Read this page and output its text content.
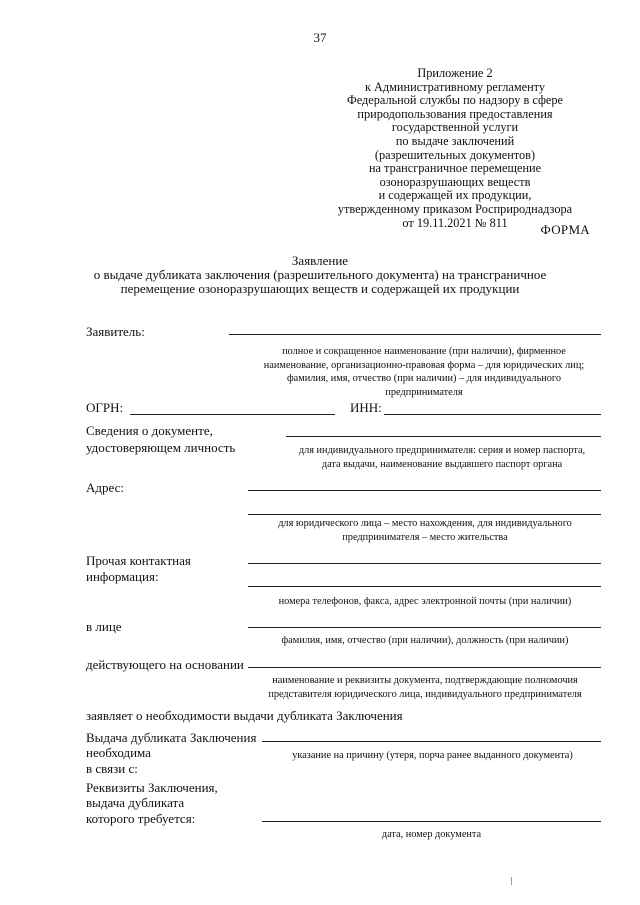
37
Приложение 2
к Административному регламенту
Федеральной службы по надзору в сфере
природопользования предоставления
государственной услуги
по выдаче заключений
(разрешительных документов)
на трансграничное перемещение
озоноразрушающих веществ
и содержащей их продукции,
утвержденному приказом Росприроднадзора
от 19.11.2021 № 811	ФОРМА
Заявление
о выдаче дубликата заключения (разрешительного документа) на трансграничное
перемещение озоноразрушающих веществ и содержащей их продукции
Заявитель:
полное и сокращенное наименование (при наличии), фирменное наименование, организационно-правовая форма – для юридических лиц; фамилия, имя, отчество (при наличии) – для индивидуального предпринимателя
ОГРН:	ИНН:
Сведения о документе,
удостоверяющем личность	для индивидуального предпринимателя: серия и номер паспорта, дата выдачи, наименование выдавшего паспорт органа
Адрес:
для юридического лица – место нахождения, для индивидуального предпринимателя – место жительства
Прочая контактная
информация:
номера телефонов, факса, адрес электронной почты (при наличии)
в лице
фамилия, имя, отчество (при наличии), должность (при наличии)
действующего на основании
наименование и реквизиты документа, подтверждающие полномочия представителя юридического лица, индивидуального предпринимателя
заявляет о необходимости выдачи дубликата Заключения
Выдача дубликата Заключения
необходима
в связи с:
указание на причину (утеря, порча ранее выданного документа)
Реквизиты Заключения,
выдача дубликата
которого требуется:
дата, номер документа
